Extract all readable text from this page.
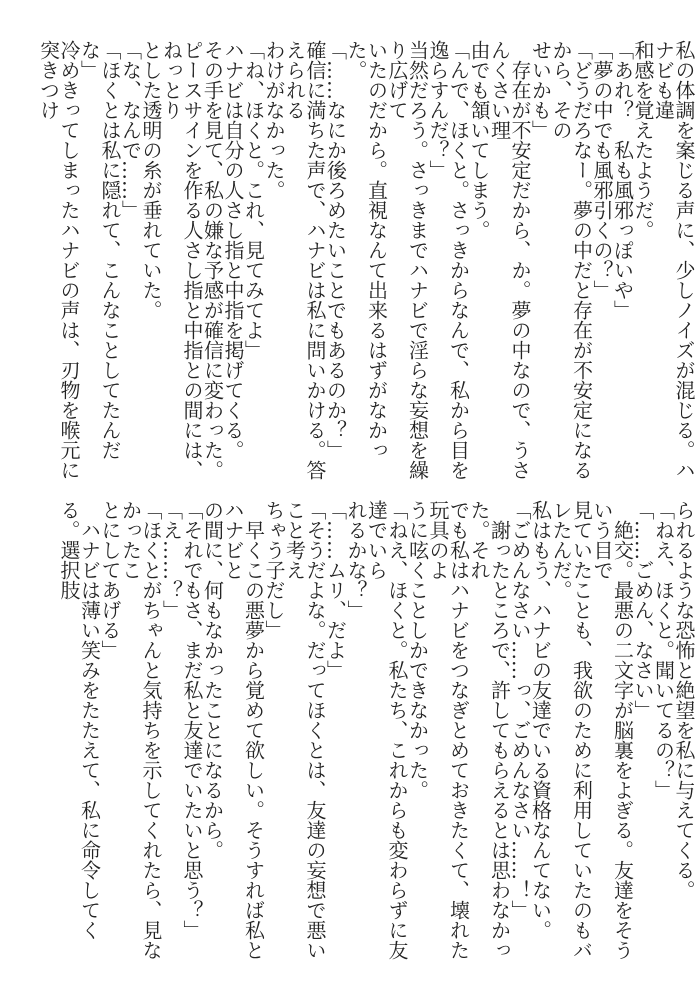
私の体調を案じる声に、少しノイズが混じる。ハナビも違
和感を覚えたようだ。
「あれ？　私も風邪っぽいや」
「夢の中でも風邪引くの？」
「どうだろなー。夢の中だと存在が不安定になるから、その
せいかも」
　存在が不安定だから、か。夢の中なので、うさんくさい理
由でも頷いてしまう。
「んで、ほくと。さっきからなんで、私から目を逸らすんだ？」
当然だろう。さっきまでハナビで淫らな妄想を繰り広げて
いたのだから。直視なんて出来るはずがなかった。
「……なにか後ろめたいことでもあるのか？」
確信に満ちた声で、ハナビは私に問いかける。答えられる
わけがなかった。
「ね、ほくと。これ、見てみてよ」
ハナビは自分の人さし指と中指を掲げてくる。
その手を見て、私の嫌な予感が確信に変わった。
ピースサインを作る人さし指と中指との間には、ねっとり
とした透明の糸が垂れていた。
「な、なんで……」
「ほくとは私に隠れて、こんなことしてたんだな」
冷めきってしまったハナビの声は、刃物を喉元に突きつけ
られるような恐怖と絶望を私に与えてくる。
「ねえ、ほくと。聞いてるの？」
「……ごめん、なさい」
　絶交。最悪の二文字が脳裏をよぎる。友達をそういう目で
見ていたことも、我欲のために利用していたのもバレたんだ。
私はもう、ハナビの友達でいる資格なんてない。
「ごめんなさい……っ、ごめんなさい……！」
　謝ったところで、許してもらえるとは思わなかった。それ
でも私はハナビをつなぎとめておきたくて、壊れた玩具のよ
うに呟くことしかできなかった。
「ねえ、ほくと。私たち、これからも変わらずに友達でいら
れるかな？」
「……ムリ、だよ」
「そうだよな。だってほくとは、友達の妄想で悪いこと考え
ちゃう子だし」
　早くこの悪夢から覚めて欲しい。そうすれば私とハナビと
の間に、何もなかったことになるから。
「それでもさ、まだ私と友達でいたいと思う？」
「え……？」
「ほくとがちゃんと気持ちを示してくれたら、見なかったこ
とにしてあげる」
　ハナビは薄い笑みをたたえて、私に命令してくる。選択肢
